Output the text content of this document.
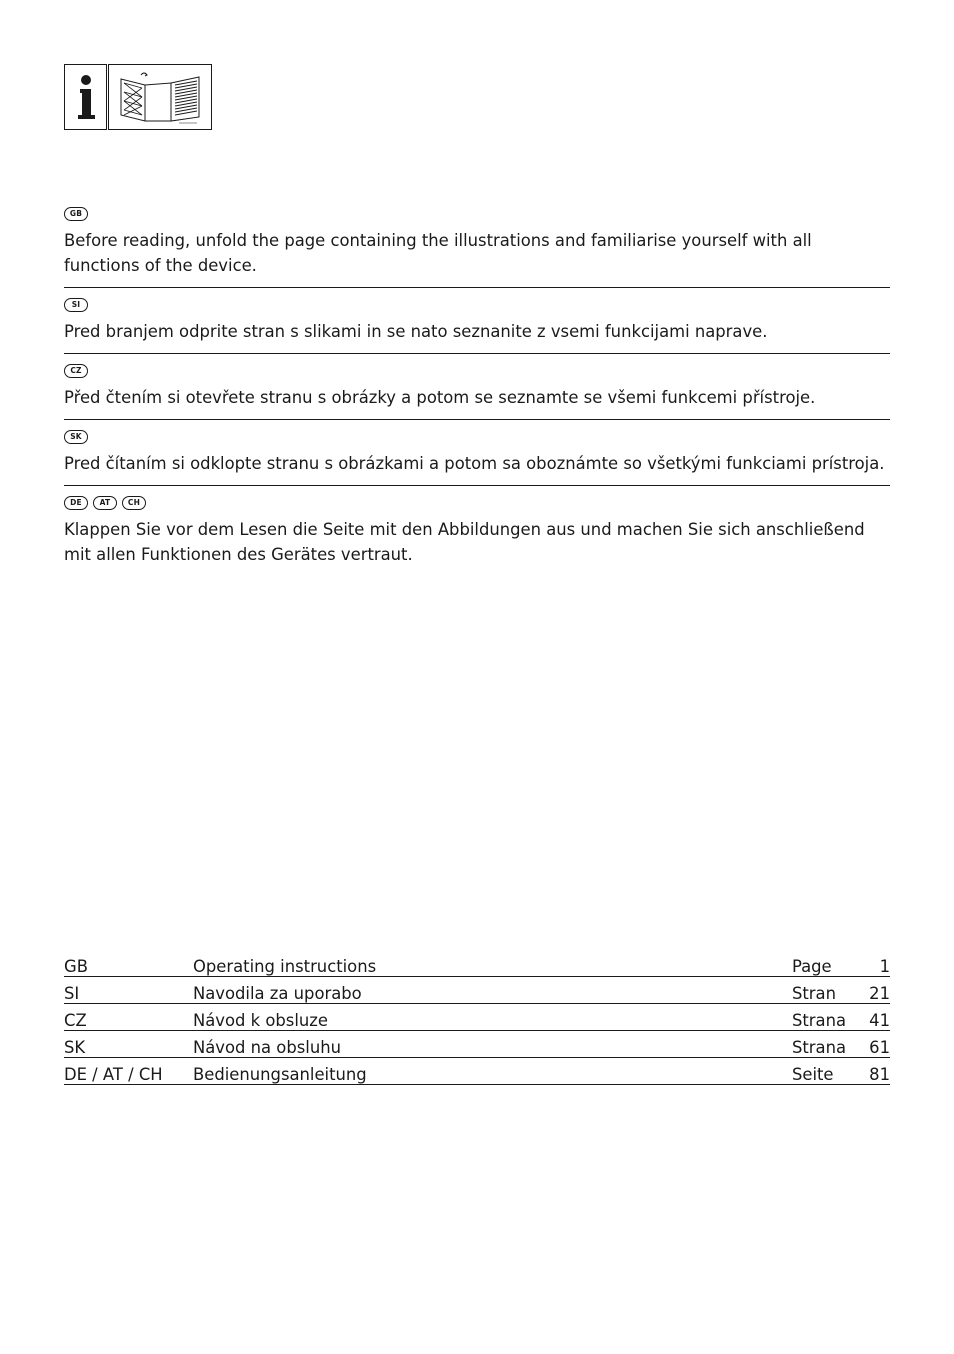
GB
Before reading, unfold the page containing the illustrations and familiarise yourself with all functions of the device.
SI
Pred branjem odprite stran s slikami in se nato seznanite z vsemi funkcijami naprave.
CZ
Před čtením si otevřete stranu s obrázky a potom se seznamte se všemi funkcemi přístroje.
SK
Pred čítaním si odklopte stranu s obrázkami a potom sa oboznámte so všetkými funkciami prístroja.
DE	AT	CH
Klappen Sie vor dem Lesen die Seite mit den Abbildungen aus und machen Sie sich anschließend mit allen Funktionen des Gerätes vertraut.
GB	Operating instructions	Page	1
SI	Navodila za uporabo	Stran	21
CZ	Návod k obsluze	Strana	41
SK	Návod na obsluhu	Strana	61
DE / AT / CH	Bedienungsanleitung	Seite	81
